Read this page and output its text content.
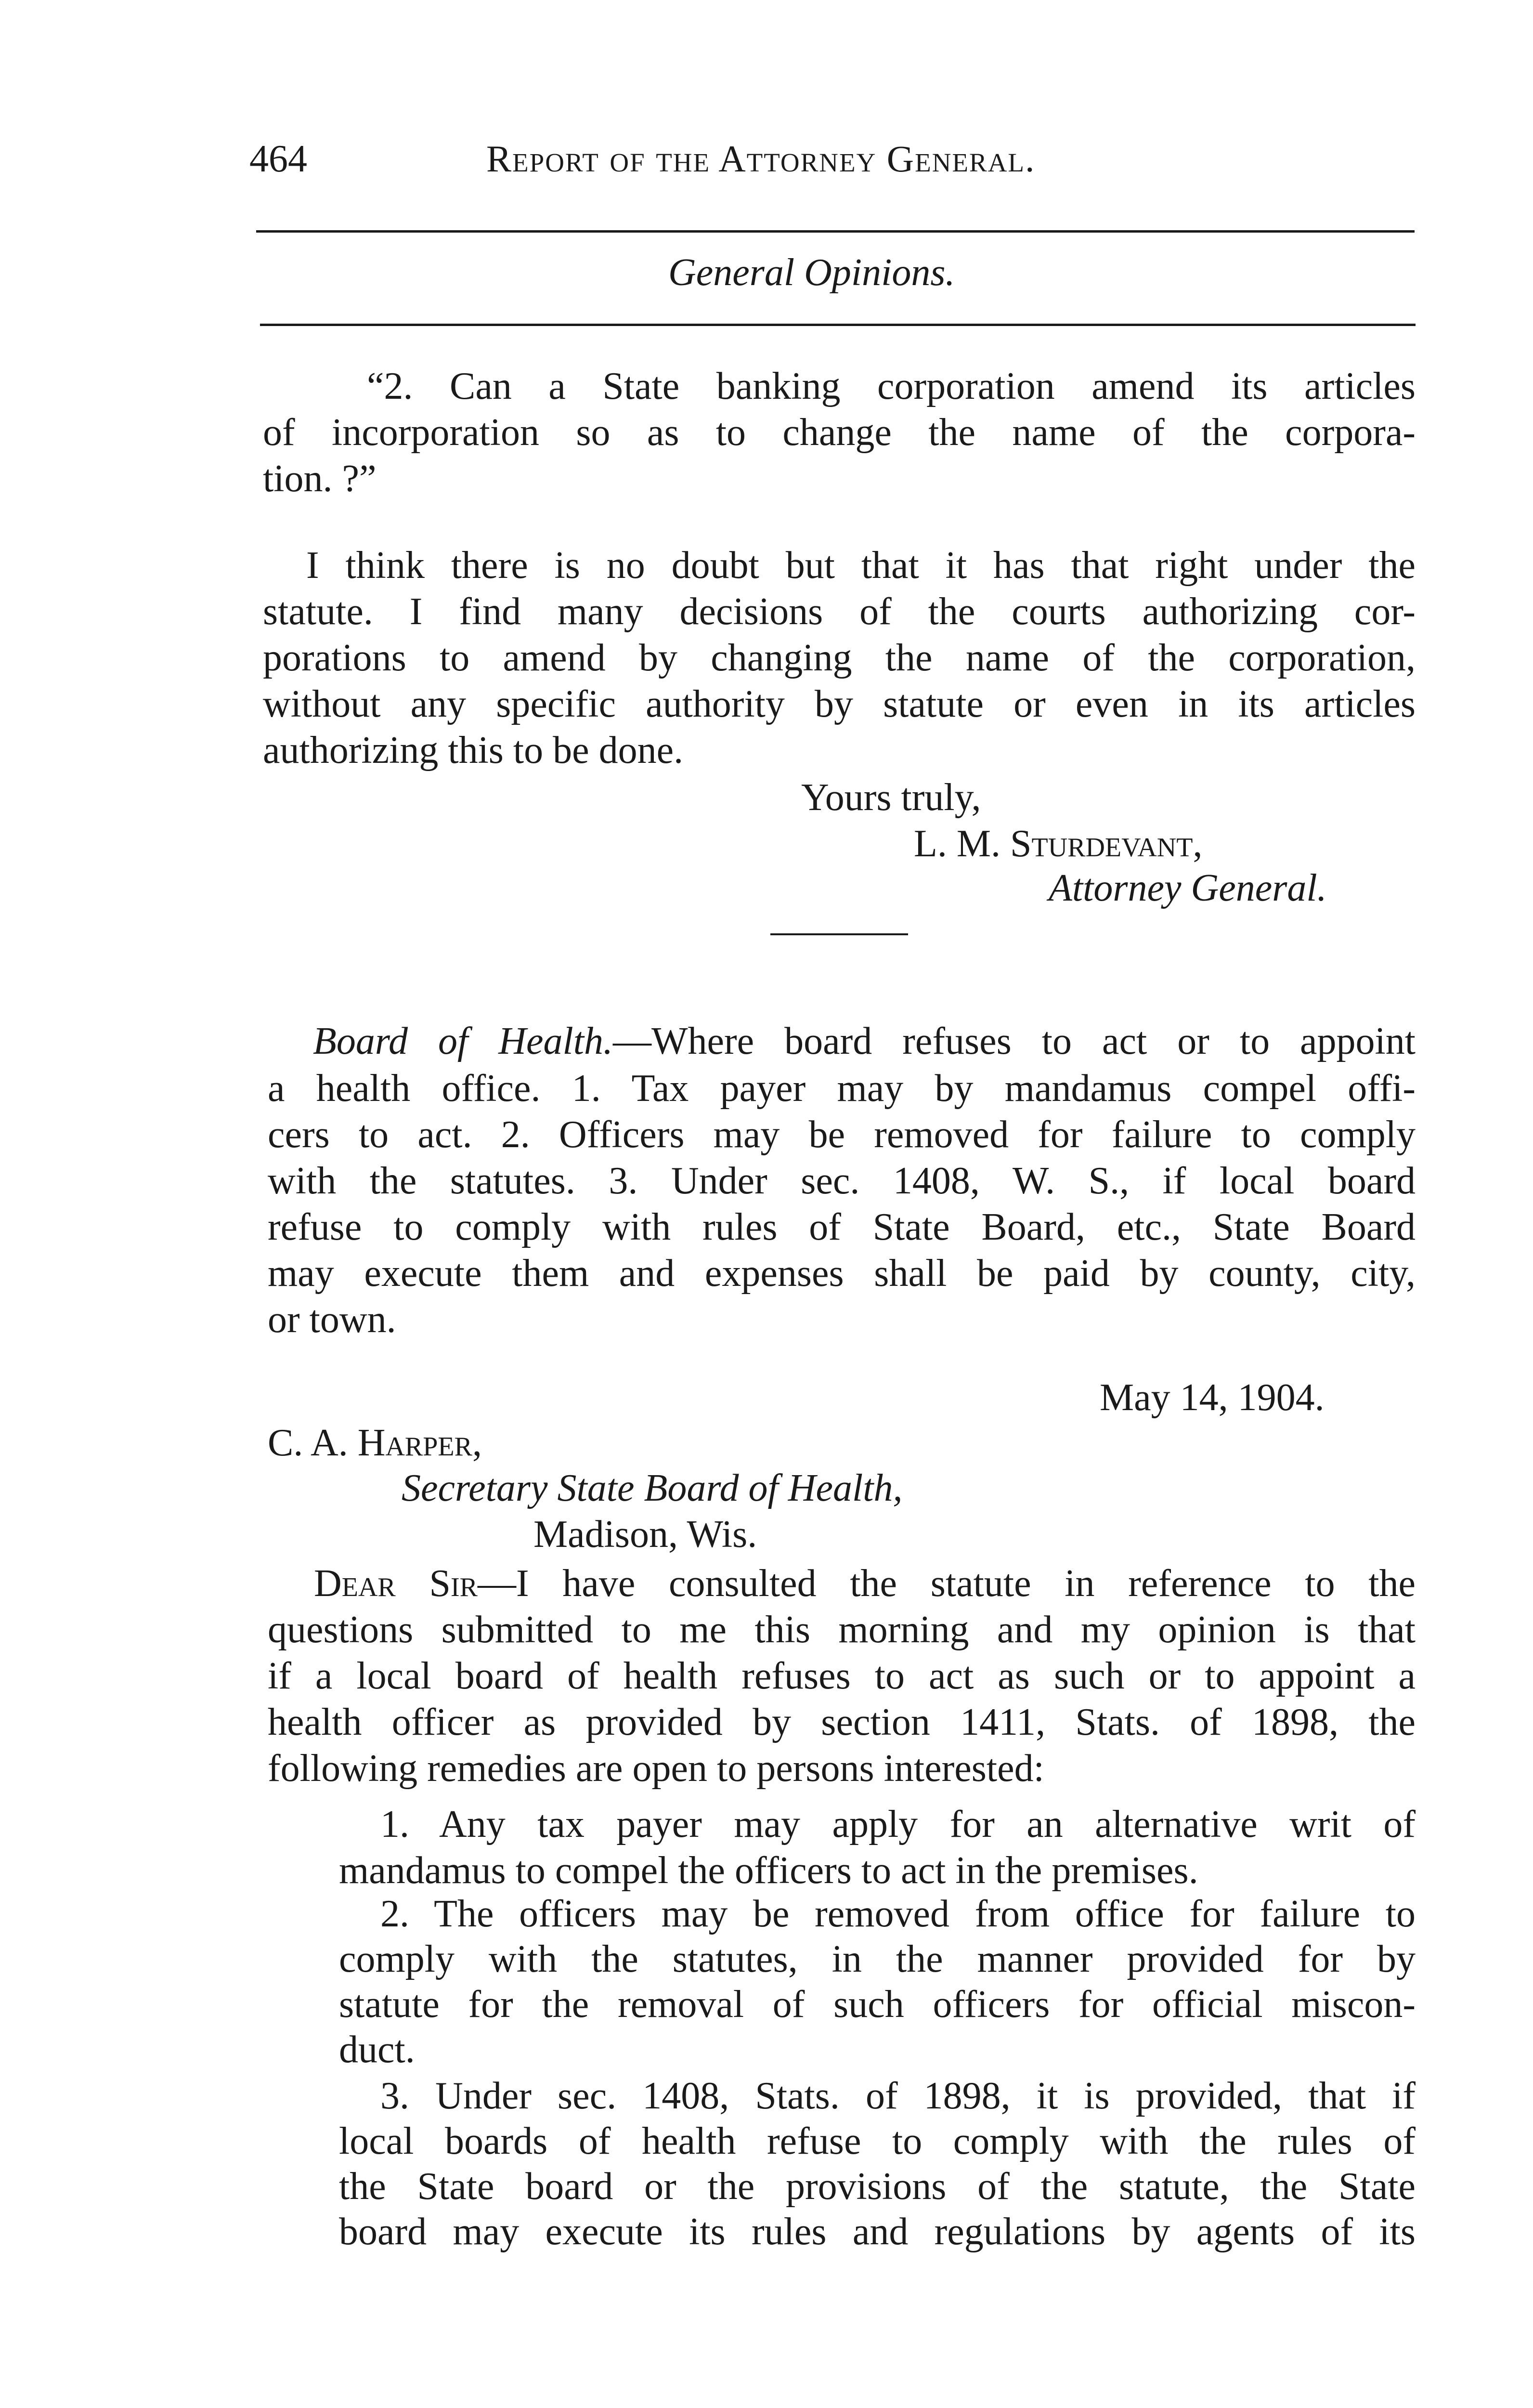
464	Report of the Attorney General.
General Opinions.
“2. Can a State banking corporation amend its articles
of incorporation so as to change the name of the corpora-
tion. ?”
I think there is no doubt but that it has that right under the
statute. I find many decisions of the courts authorizing cor-
porations to amend by changing the name of the corporation,
without any specific authority by statute or even in its articles
authorizing this to be done.
Yours truly,
L. M. Sturdevant,
Attorney General.
Board of Health.—Where board refuses to act or to appoint
a health office. 1. Tax payer may by mandamus compel offi-
cers to act. 2. Officers may be removed for failure to comply
with the statutes. 3. Under sec. 1408, W. S., if local board
refuse to comply with rules of State Board, etc., State Board
may execute them and expenses shall be paid by county, city,
or town.
May 14, 1904.
C. A. Harper,
Secretary State Board of Health,
Madison, Wis.
Dear Sir—I have consulted the statute in reference to the
questions submitted to me this morning and my opinion is that
if a local board of health refuses to act as such or to appoint a
health officer as provided by section 1411, Stats. of 1898, the
following remedies are open to persons interested:
1. Any tax payer may apply for an alternative writ of
mandamus to compel the officers to act in the premises.
2. The officers may be removed from office for failure to
comply with the statutes, in the manner provided for by
statute for the removal of such officers for official miscon-
duct.
3. Under sec. 1408, Stats. of 1898, it is provided, that if
local boards of health refuse to comply with the rules of
the State board or the provisions of the statute, the State
board may execute its rules and regulations by agents of its
